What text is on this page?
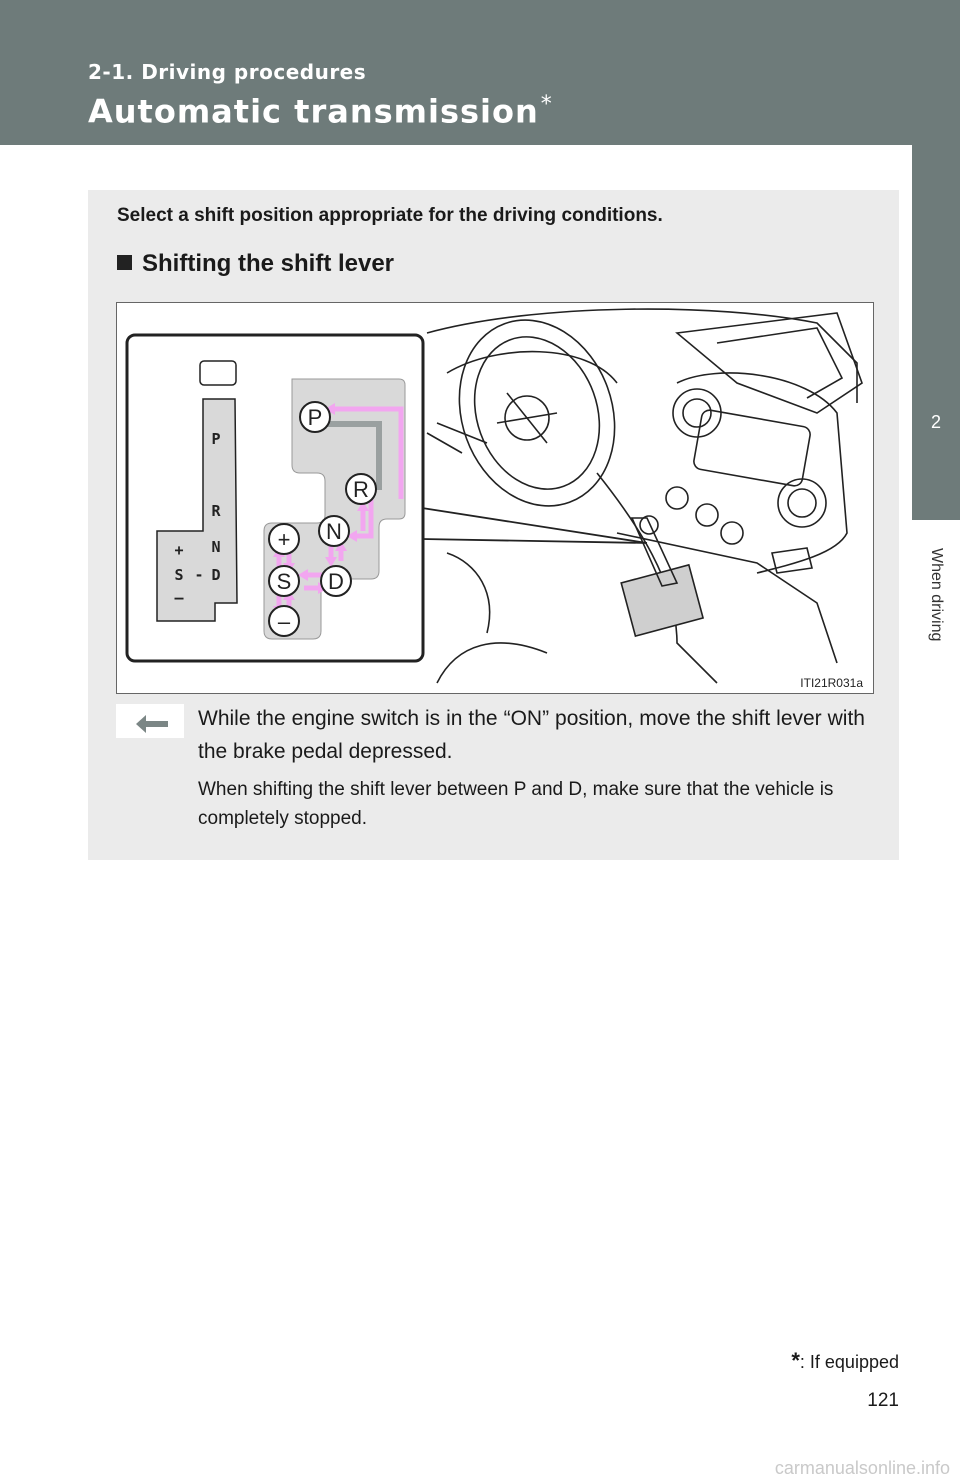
2-1. Driving procedures
Automatic transmission*
2
When driving
Select a shift position appropriate for the driving conditions.
Shifting the shift lever
P
R
N
D
+
S -
–
P
R
N
D
S
+
–
ITI21R031a
While the engine switch is in the “ON” position, move the shift lever with the brake pedal depressed.
When shifting the shift lever between P and D, make sure that the vehicle is completely stopped.
*: If equipped
121
carmanualsonline.info
